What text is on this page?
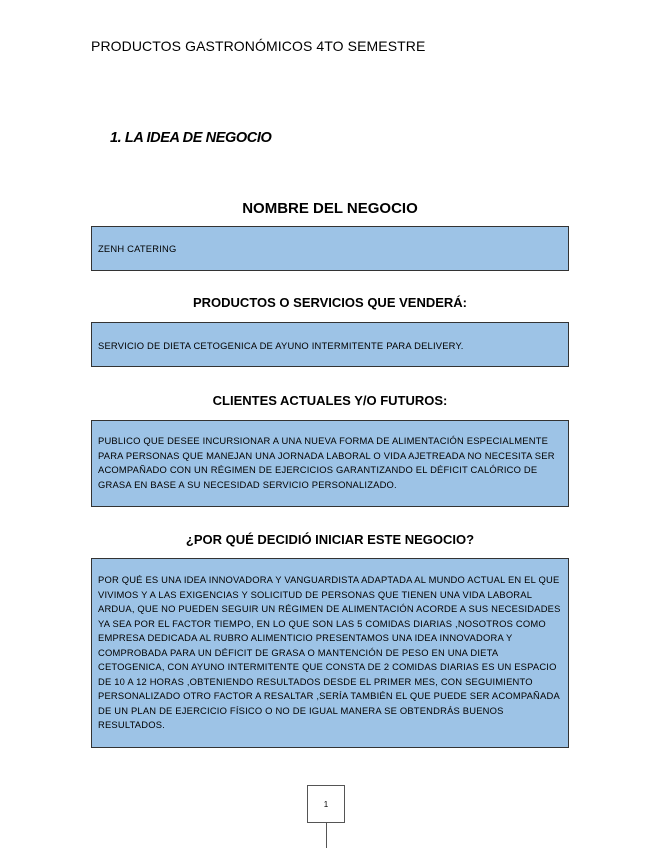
PRODUCTOS GASTRONÓMICOS 4TO SEMESTRE
1. LA IDEA DE NEGOCIO
NOMBRE DEL NEGOCIO
ZENH CATERING
PRODUCTOS O SERVICIOS QUE VENDERÁ:
SERVICIO DE DIETA CETOGENICA DE AYUNO INTERMITENTE PARA DELIVERY.
CLIENTES ACTUALES Y/O FUTUROS:
PUBLICO QUE DESEE INCURSIONAR A UNA NUEVA FORMA DE ALIMENTACIÓN ESPECIALMENTE PARA PERSONAS QUE MANEJAN UNA JORNADA LABORAL O VIDA AJETREADA NO NECESITA SER ACOMPAÑADO CON UN RÉGIMEN DE EJERCICIOS GARANTIZANDO EL DÉFICIT CALÓRICO DE GRASA EN BASE A SU NECESIDAD SERVICIO PERSONALIZADO.
¿POR QUÉ DECIDIÓ INICIAR ESTE NEGOCIO?
POR QUÉ ES UNA IDEA INNOVADORA Y VANGUARDISTA ADAPTADA AL MUNDO ACTUAL EN EL QUE VIVIMOS Y A LAS EXIGENCIAS Y SOLICITUD DE PERSONAS QUE TIENEN UNA VIDA LABORAL ARDUA, QUE NO PUEDEN SEGUIR UN RÉGIMEN DE ALIMENTACIÓN ACORDE A SUS NECESIDADES YA SEA POR EL FACTOR TIEMPO, EN LO QUE SON LAS 5 COMIDAS DIARIAS ,NOSOTROS COMO EMPRESA DEDICADA AL RUBRO ALIMENTICIO PRESENTAMOS UNA IDEA INNOVADORA Y COMPROBADA PARA UN DÉFICIT DE GRASA O MANTENCIÓN DE PESO EN UNA DIETA CETOGENICA, CON AYUNO INTERMITENTE QUE CONSTA DE 2 COMIDAS DIARIAS ES UN ESPACIO DE 10 A 12 HORAS ,OBTENIENDO RESULTADOS DESDE EL PRIMER MES, CON SEGUIMIENTO PERSONALIZADO OTRO FACTOR A RESALTAR ,SERÍA TAMBIÉN EL QUE PUEDE SER ACOMPAÑADA DE UN PLAN DE EJERCICIO FÍSICO O NO DE IGUAL MANERA SE OBTENDRÁS BUENOS RESULTADOS.
1
